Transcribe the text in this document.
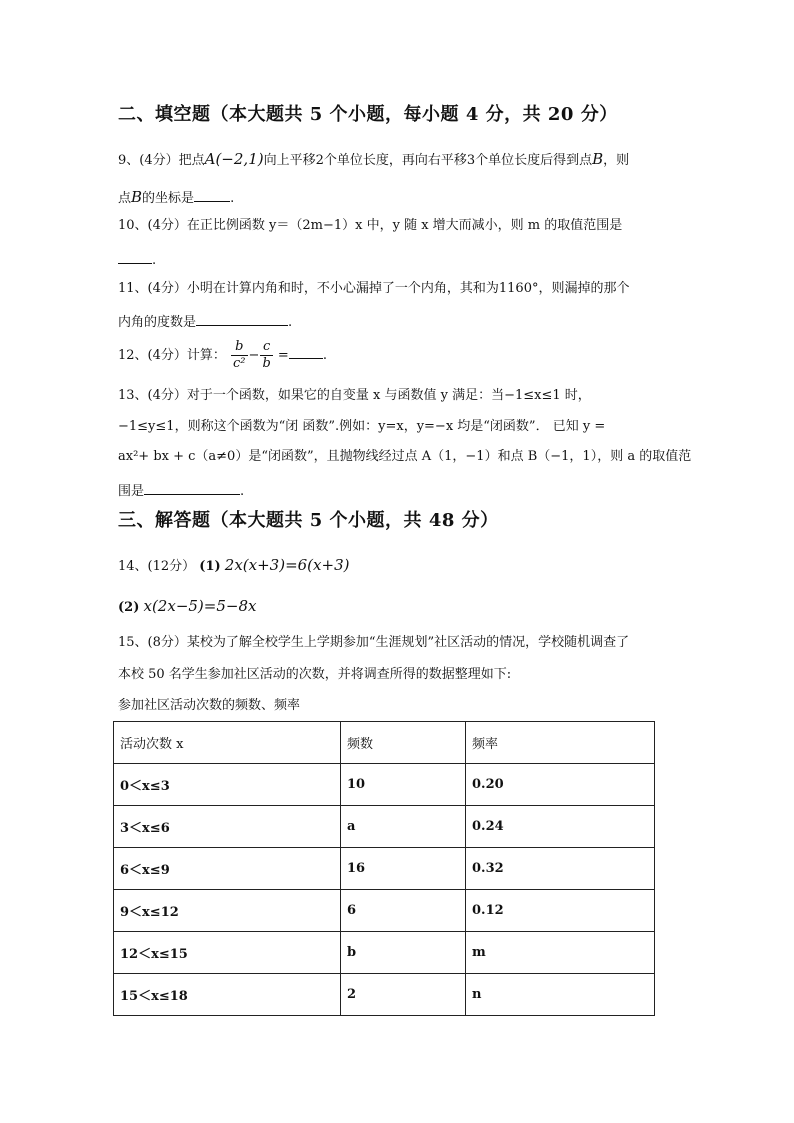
二、填空题（本大题共 5 个小题，每小题 4 分，共 20 分）
9、(4分）把点A(−2,1)向上平移2个单位长度，再向右平移3个单位长度后得到点B，则
点B的坐标是	.
10、(4分）在正比例函数 y＝（2m−1）x 中，y 随 x 增大而减小，则 m 的取值范围是
.
11、(4分）小明在计算内角和时，不小心漏掉了一个内角，其和为1160°，则漏掉的那个
内角的度数是	.
12、(4分）计算： $\frac{b}{\text{c²}} - \frac{c}{b}$ =	.
13、(4分）对于一个函数，如果它的自变量 x 与函数值 y 满足：当−1≤x≤1 时，
−1≤y≤1，则称这个函数为“闭 函数”.例如：y=x，y=−x 均是“闭函数”． 已知 y =
ax²+ bx + c（a≠0）是“闭函数”，且抛物线经过点 A（1，−1）和点 B（−1，1），则 a 的取值范
围是	.
三、解答题（本大题共 5 个小题，共 48 分）
14、(12分） (1) 2x(x+3)=6(x+3)
(2) x(2x−5)=5−8x
15、(8分）某校为了解全校学生上学期参加“生涯规划”社区活动的情况，学校随机调查了
本校 50 名学生参加社区活动的次数，并将调查所得的数据整理如下:
参加社区活动次数的频数、频率
活动次数 x	频数	频率
0＜x≤3	10	0.20
3＜x≤6	a	0.24
6＜x≤9	16	0.32
9＜x≤12	6	0.12
12＜x≤15	b	m
15＜x≤18	2	n
